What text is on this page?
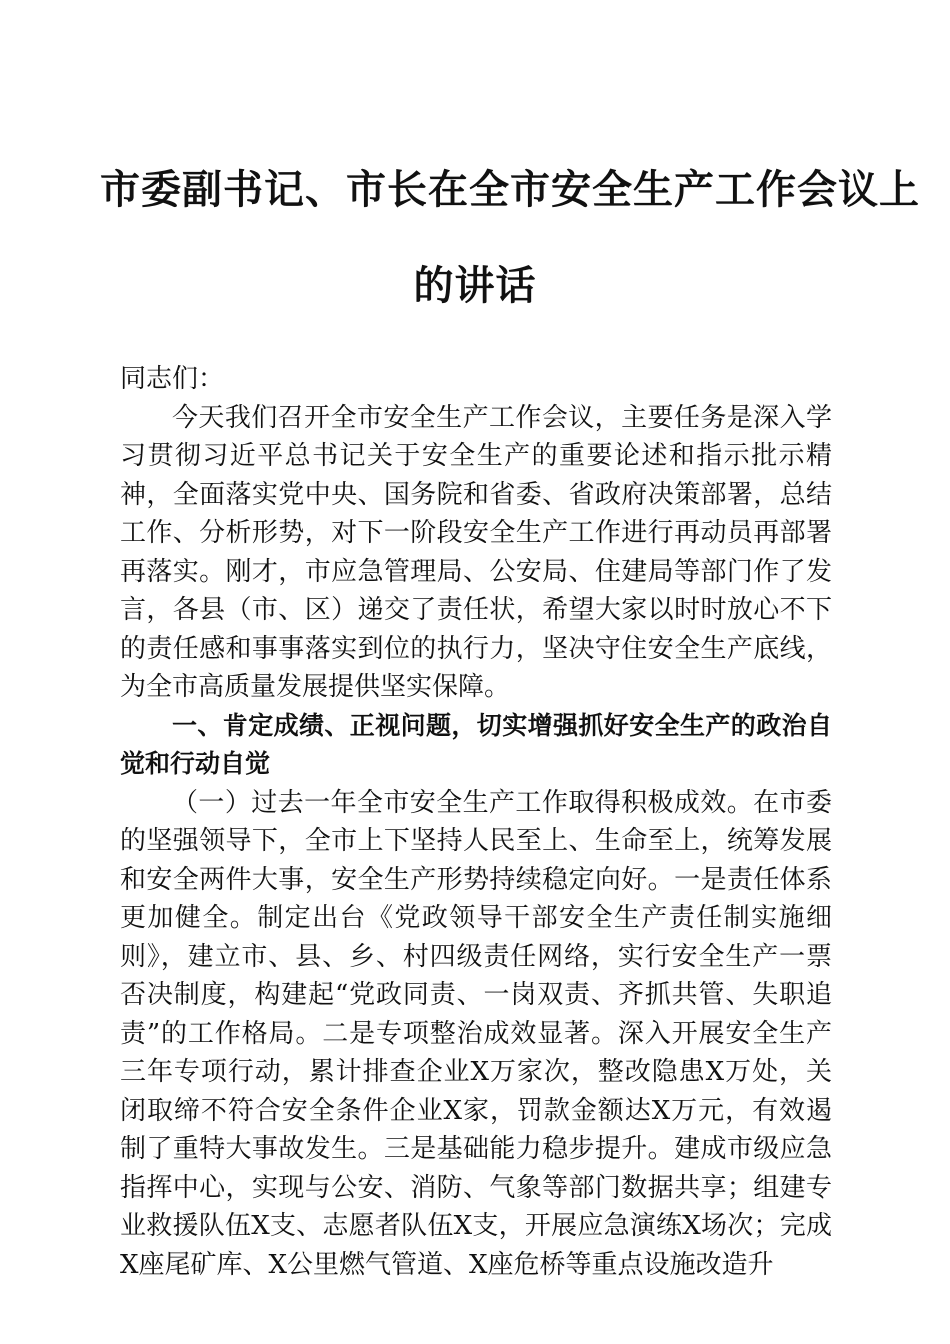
市委副书记、市长在全市安全生产工作会议上
的讲话

同志们：

今天我们召开全市安全生产工作会议，主要任务是深入学习贯彻习近平总书记关于安全生产的重要论述和指示批示精神，全面落实党中央、国务院和省委、省政府决策部署，总结工作、分析形势，对下一阶段安全生产工作进行再动员再部署再落实。刚才，市应急管理局、公安局、住建局等部门作了发言，各县（市、区）递交了责任状，希望大家以时时放心不下的责任感和事事落实到位的执行力，坚决守住安全生产底线，为全市高质量发展提供坚实保障。

一、肯定成绩、正视问题，切实增强抓好安全生产的政治自觉和行动自觉

（一）过去一年全市安全生产工作取得积极成效。在市委的坚强领导下，全市上下坚持人民至上、生命至上，统筹发展和安全两件大事，安全生产形势持续稳定向好。一是责任体系更加健全。制定出台《党政领导干部安全生产责任制实施细则》，建立市、县、乡、村四级责任网络，实行安全生产一票否决制度，构建起“党政同责、一岗双责、齐抓共管、失职追责”的工作格局。二是专项整治成效显著。深入开展安全生产三年专项行动，累计排查企业X万家次，整改隐患X万处，关闭取缔不符合安全条件企业X家，罚款金额达X万元，有效遏制了重特大事故发生。三是基础能力稳步提升。建成市级应急指挥中心，实现与公安、消防、气象等部门数据共享；组建专业救援队伍X支、志愿者队伍X支，开展应急演练X场次；完成X座尾矿库、X公里燃气管道、X座危桥等重点设施改造升
